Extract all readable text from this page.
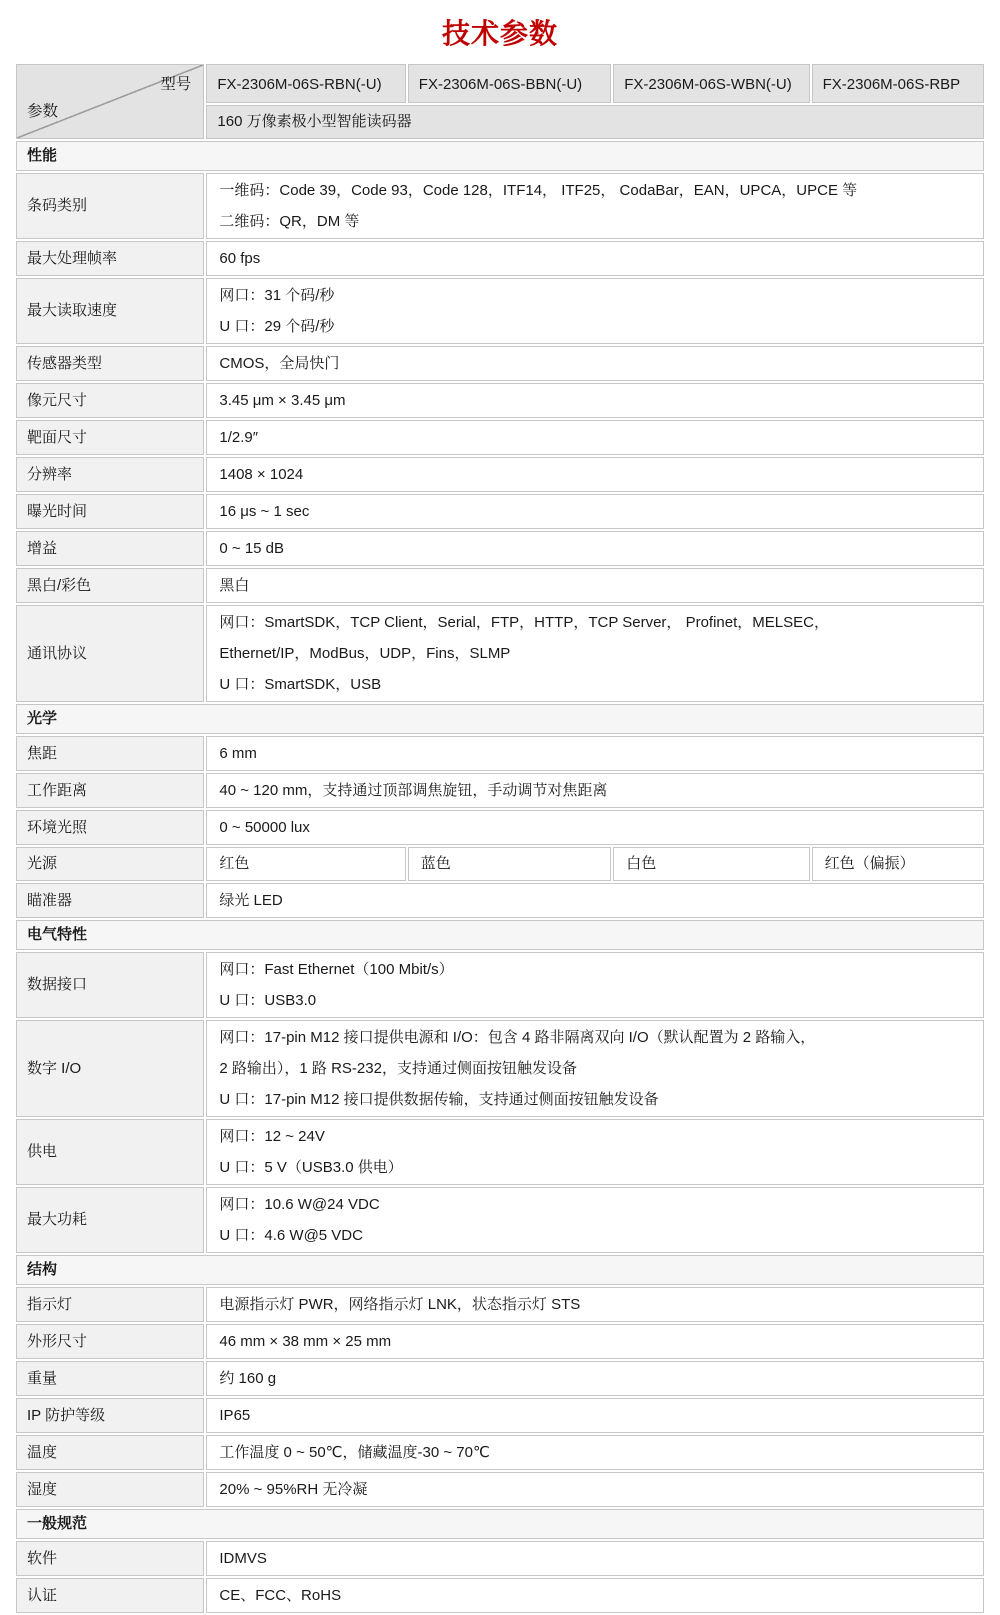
技术参数
型号
参数	FX-2306M-06S-RBN(-U)	FX-2306M-06S-BBN(-U)	FX-2306M-06S-WBN(-U)	FX-2306M-06S-RBP
	160 万像素极小型智能读码器			
性能				
条码类别	一维码：Code 39，Code 93，Code 128，ITF14， ITF25， CodaBar，EAN，UPCA，UPCE 等
二维码：QR，DM 等			

最大处理帧率	60 fps			

最大读取速度	网口：31 个码/秒
U 口：29 个码/秒			

传感器类型	CMOS，全局快门			

像元尺寸	3.45 μm × 3.45 μm			

靶面尺寸	1/2.9″			

分辨率	1408 × 1024			

曝光时间	16 μs ~ 1 sec			

增益	0 ~ 15 dB			

黑白/彩色	黑白			

通讯协议	网口：SmartSDK，TCP Client，Serial，FTP，HTTP，TCP Server， Profinet，MELSEC，
Ethernet/IP，ModBus，UDP，Fins，SLMP
U 口：SmartSDK，USB			

光学				
焦距	6 mm			

工作距离	40 ~ 120 mm，支持通过顶部调焦旋钮，手动调节对焦距离			

环境光照	0 ~ 50000 lux			

光源	红色	蓝色	白色	红色（偏振）
瞄准器	绿光 LED			

电气特性				
数据接口	网口：Fast Ethernet（100 Mbit/s）
U 口：USB3.0			

数字 I/O	网口：17-pin M12 接口提供电源和 I/O：包含 4 路非隔离双向 I/O（默认配置为 2 路输入，
2 路输出），1 路 RS-232，支持通过侧面按钮触发设备
U 口：17-pin M12 接口提供数据传输，支持通过侧面按钮触发设备			

供电	网口：12 ~ 24V
U 口：5 V（USB3.0 供电）			

最大功耗	网口：10.6 W@24 VDC
U 口：4.6 W@5 VDC			

结构				
指示灯	电源指示灯 PWR，网络指示灯 LNK，状态指示灯 STS			

外形尺寸	46 mm × 38 mm × 25 mm			

重量	约 160 g			

IP 防护等级	IP65			

温度	工作温度 0 ~ 50℃，储藏温度-30 ~ 70℃			

湿度	20% ~ 95%RH 无冷凝			

一般规范				
软件	IDMVS			

认证	CE、FCC、RoHS			
